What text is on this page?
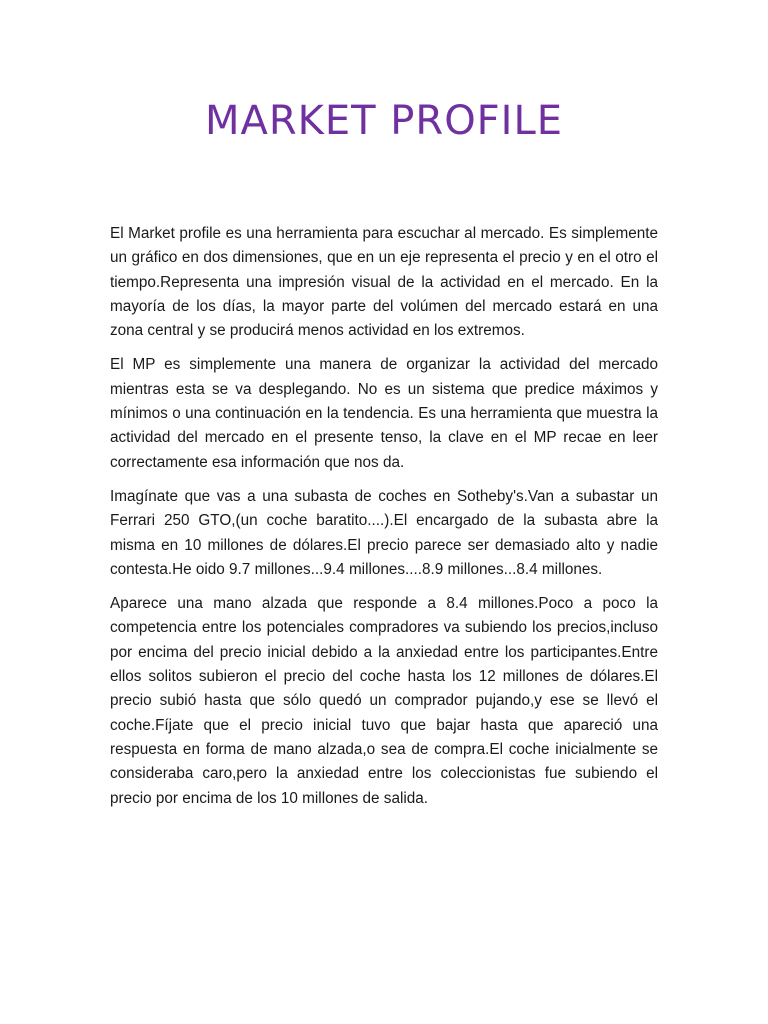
MARKET PROFILE

El Market profile es una herramienta para escuchar al mercado. Es simplemente un gráfico en dos dimensiones, que en un eje representa el precio y en el otro el tiempo.Representa una impresión visual de la actividad en el mercado. En la mayoría de los días, la mayor parte del volúmen del mercado estará en una zona central y se producirá menos actividad en los extremos.

El MP es simplemente una manera de organizar la actividad del mercado mientras esta se va desplegando. No es un sistema que predice máximos y mínimos o una continuación en la tendencia. Es una herramienta que muestra la actividad del mercado en el presente tenso, la clave en el MP recae en leer correctamente esa información que nos da.

Imagínate que vas a una subasta de coches en Sotheby's.Van a subastar un Ferrari 250 GTO,(un coche baratito....).El encargado de la subasta abre la misma en 10 millones de dólares.El precio parece ser demasiado alto y nadie contesta.He oido 9.7 millones...9.4 millones....8.9 millones...8.4 millones.

Aparece una mano alzada que responde a 8.4 millones.Poco a poco la competencia entre los potenciales compradores va subiendo los precios,incluso por encima del precio inicial debido a la anxiedad entre los participantes.Entre ellos solitos subieron el precio del coche hasta los 12 millones de dólares.El precio subió hasta que sólo quedó un comprador pujando,y ese se llevó el coche.Fíjate que el precio inicial tuvo que bajar hasta que apareció una respuesta en forma de mano alzada,o sea de compra.El coche inicialmente se consideraba caro,pero la anxiedad entre los coleccionistas fue subiendo el precio por encima de los 10 millones de salida.
